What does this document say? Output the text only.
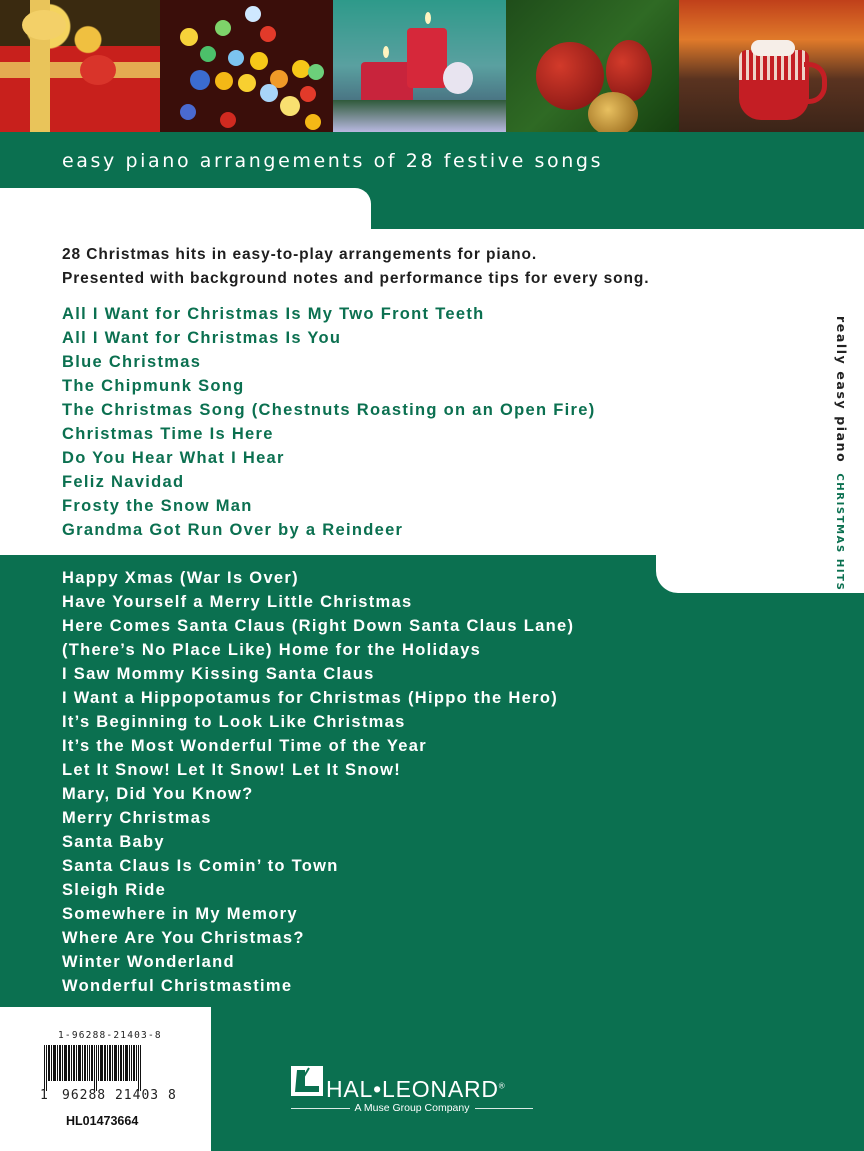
easy piano arrangements of 28 festive songs
28 Christmas hits in easy-to-play arrangements for piano.
Presented with background notes and performance tips for every song.
All I Want for Christmas Is My Two Front Teeth
All I Want for Christmas Is You
Blue Christmas
The Chipmunk Song
The Christmas Song (Chestnuts Roasting on an Open Fire)
Christmas Time Is Here
Do You Hear What I Hear
Feliz Navidad
Frosty the Snow Man
Grandma Got Run Over by a Reindeer
really easy pianoCHRISTMAS HITS
Happy Xmas (War Is Over)
Have Yourself a Merry Little Christmas
Here Comes Santa Claus (Right Down Santa Claus Lane)
(There’s No Place Like) Home for the Holidays
I Saw Mommy Kissing Santa Claus
I Want a Hippopotamus for Christmas (Hippo the Hero)
It’s Beginning to Look Like Christmas
It’s the Most Wonderful Time of the Year
Let It Snow! Let It Snow! Let It Snow!
Mary, Did You Know?
Merry Christmas
Santa Baby
Santa Claus Is Comin’ to Town
Sleigh Ride
Somewhere in My Memory
Where Are You Christmas?
Winter Wonderland
Wonderful Christmastime
1-96288-21403-8
1 96288 21403 8
HL01473664
HAL•LEONARD®
A Muse Group Company
